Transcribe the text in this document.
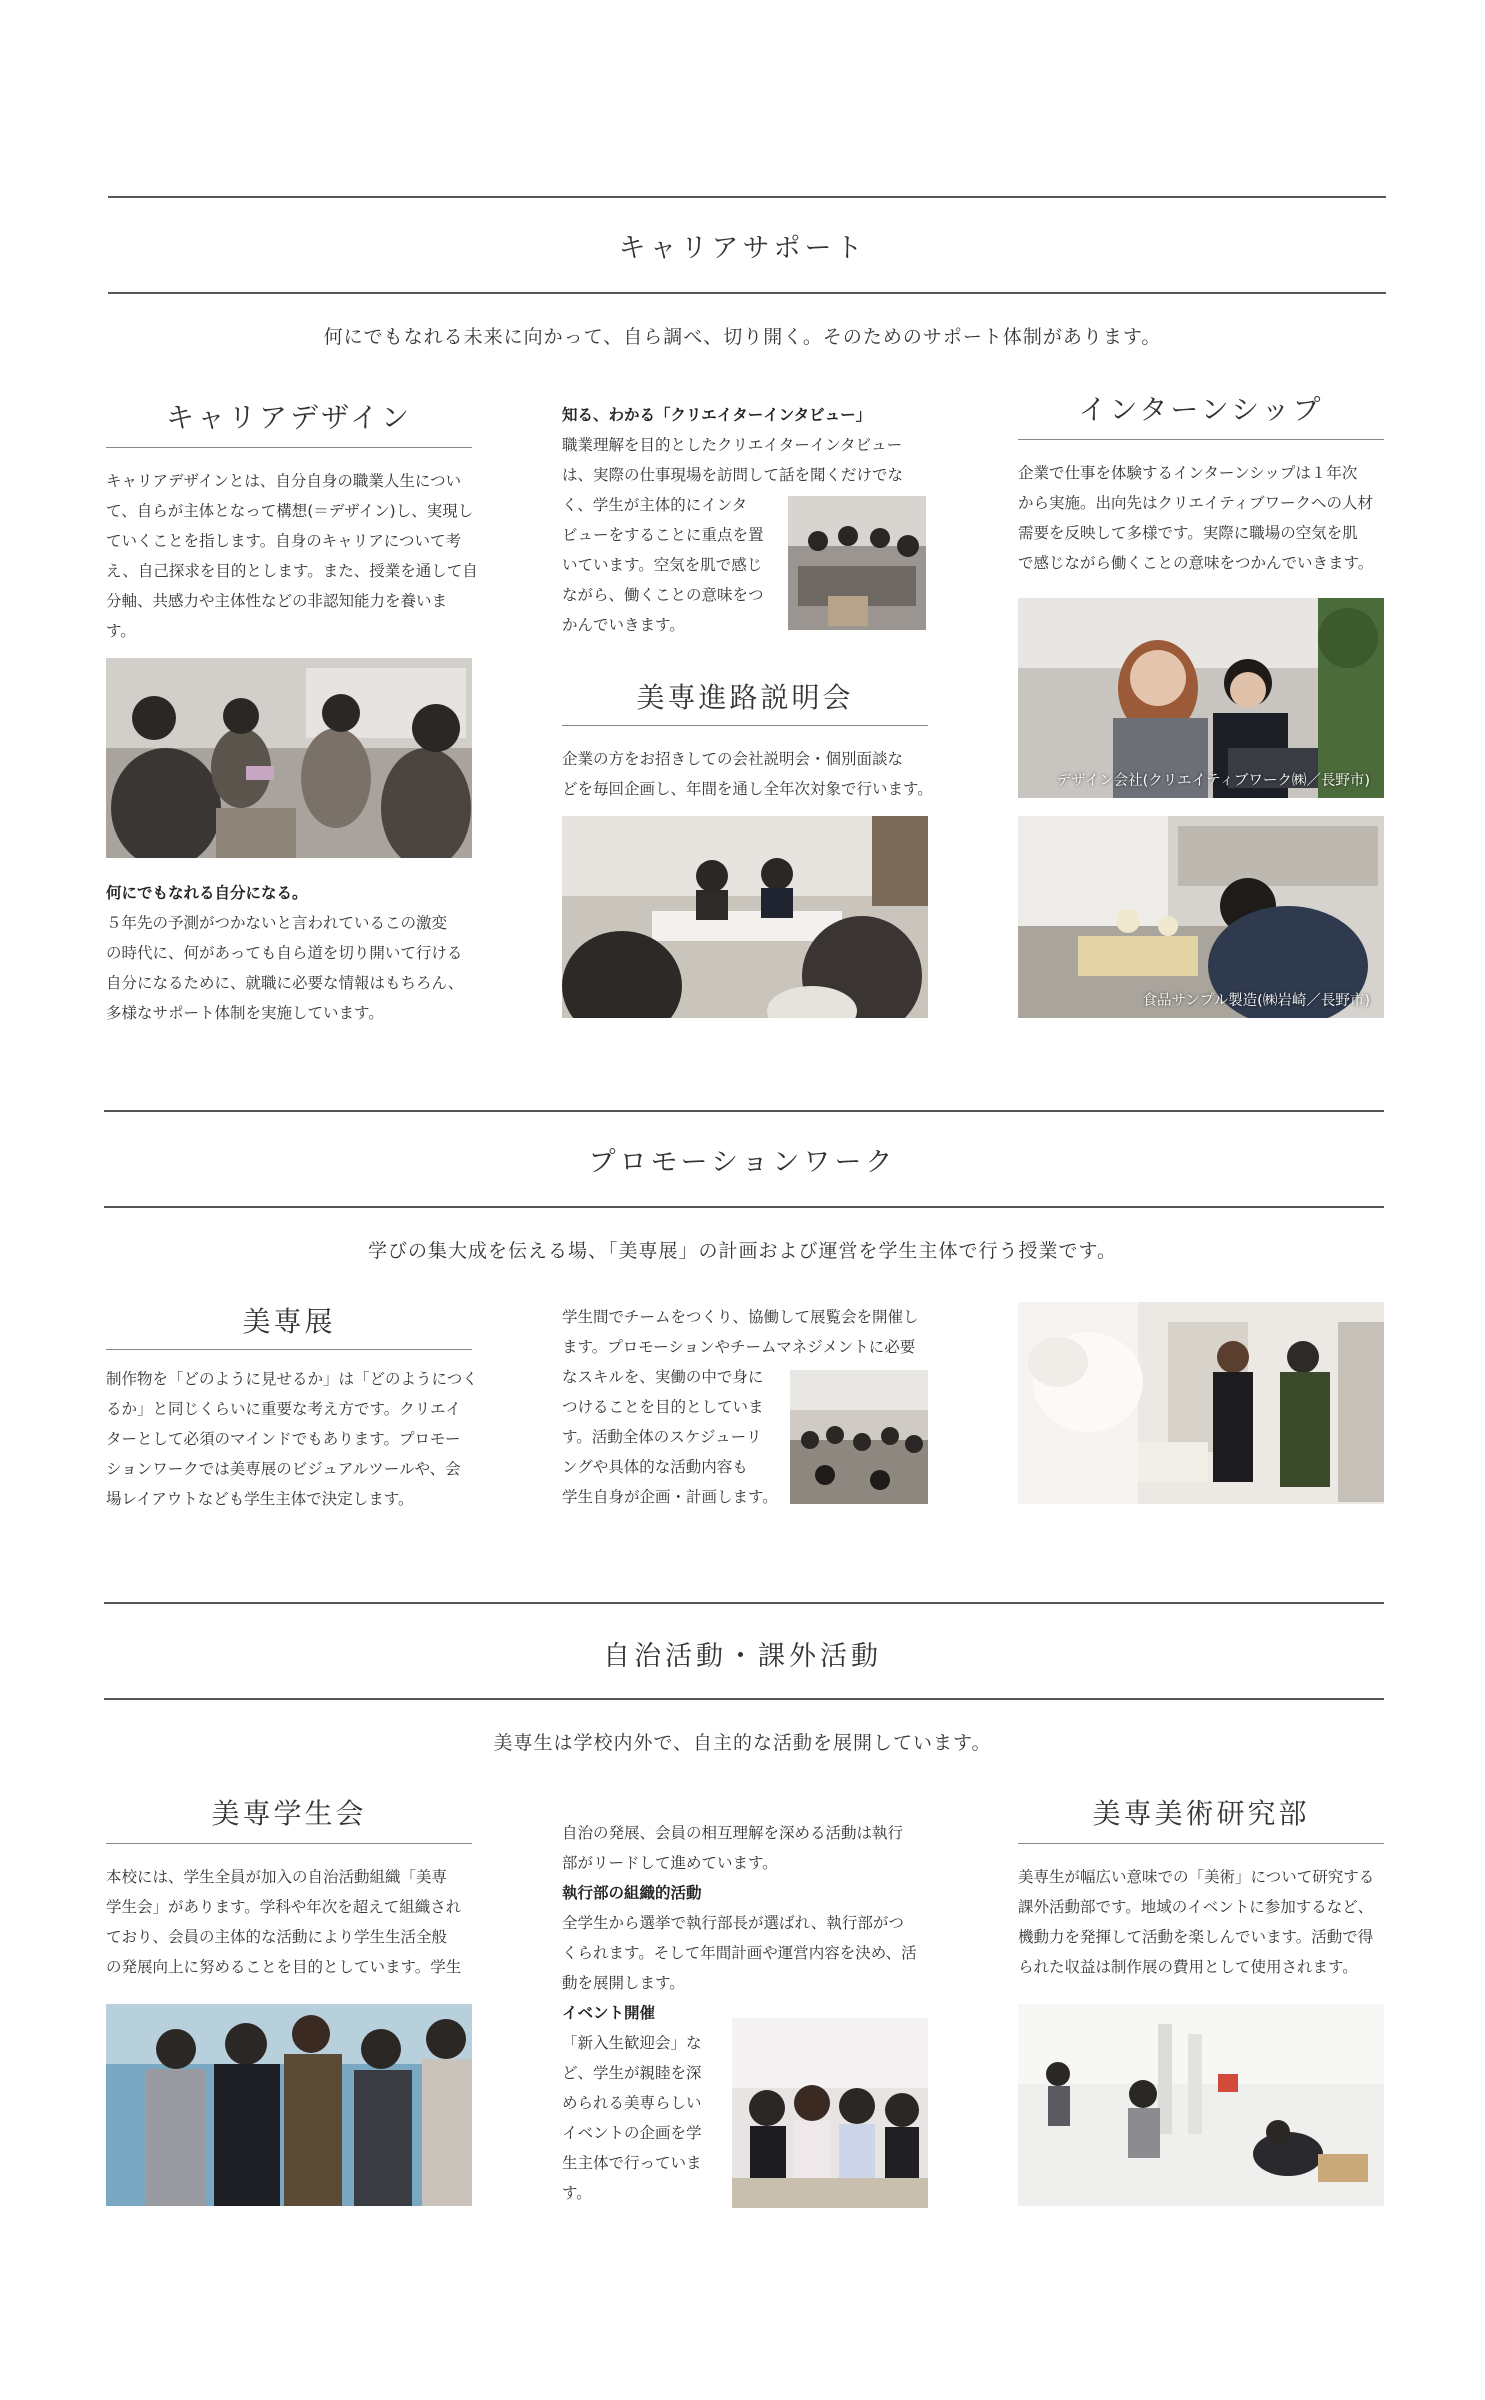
キャリアサポート
何にでもなれる未来に向かって、自ら調べ、切り開く。そのためのサポート体制があります。
キャリアデザイン

キャリアデザインとは、自分自身の職業人生につい

て、自らが主体となって構想(＝デザイン)し、実現し

ていくことを指します。自身のキャリアについて考

え、自己探求を目的とします。また、授業を通して自

分軸、共感力や主体性などの非認知能力を養いま

す。

何にでもなれる自分になる。

５年先の予測がつかないと言われているこの激変

の時代に、何があっても自ら道を切り開いて行ける

自分になるために、就職に必要な情報はもちろん、

多様なサポート体制を実施しています。

知る、わかる「クリエイターインタビュー」

職業理解を目的としたクリエイターインタビュー

は、実際の仕事現場を訪問して話を聞くだけでな

く、学生が主体的にインタ

ビューをすることに重点を置

いています。空気を肌で感じ

ながら、働くことの意味をつ

かんでいきます。

美専進路説明会

企業の方をお招きしての会社説明会・個別面談な

どを毎回企画し、年間を通し全年次対象で行います。

インターンシップ

企業で仕事を体験するインターンシップは１年次

から実施。出向先はクリエイティブワークへの人材

需要を反映して多様です。実際に職場の空気を肌

で感じながら働くことの意味をつかんでいきます。

デザイン会社(クリエイティブワーク㈱／長野市)
食品サンプル製造(㈱岩崎／長野市)
プロモーションワーク
学びの集大成を伝える場、「美専展」の計画および運営を学生主体で行う授業です。
美専展

制作物を「どのように見せるか」は「どのようにつく

るか」と同じくらいに重要な考え方です。クリエイ

ターとして必須のマインドでもあります。プロモー

ションワークでは美専展のビジュアルツールや、会

場レイアウトなども学生主体で決定します。

学生間でチームをつくり、協働して展覧会を開催し

ます。プロモーションやチームマネジメントに必要

なスキルを、実働の中で身に

つけることを目的としていま

す。活動全体のスケジューリ

ングや具体的な活動内容も

学生自身が企画・計画します。

自治活動・課外活動
美専生は学校内外で、自主的な活動を展開しています。
美専学生会

本校には、学生全員が加入の自治活動組織「美専

学生会」があります。学科や年次を超えて組織され

ており、会員の主体的な活動により学生生活全般

の発展向上に努めることを目的としています。学生

自治の発展、会員の相互理解を深める活動は執行

部がリードして進めています。

執行部の組織的活動

全学生から選挙で執行部長が選ばれ、執行部がつ

くられます。そして年間計画や運営内容を決め、活

動を展開します。

イベント開催

「新入生歓迎会」な

ど、学生が親睦を深

められる美専らしい

イベントの企画を学

生主体で行っていま

す。

美専美術研究部

美専生が幅広い意味での「美術」について研究する

課外活動部です。地域のイベントに参加するなど、

機動力を発揮して活動を楽しんでいます。活動で得

られた収益は制作展の費用として使用されます。
